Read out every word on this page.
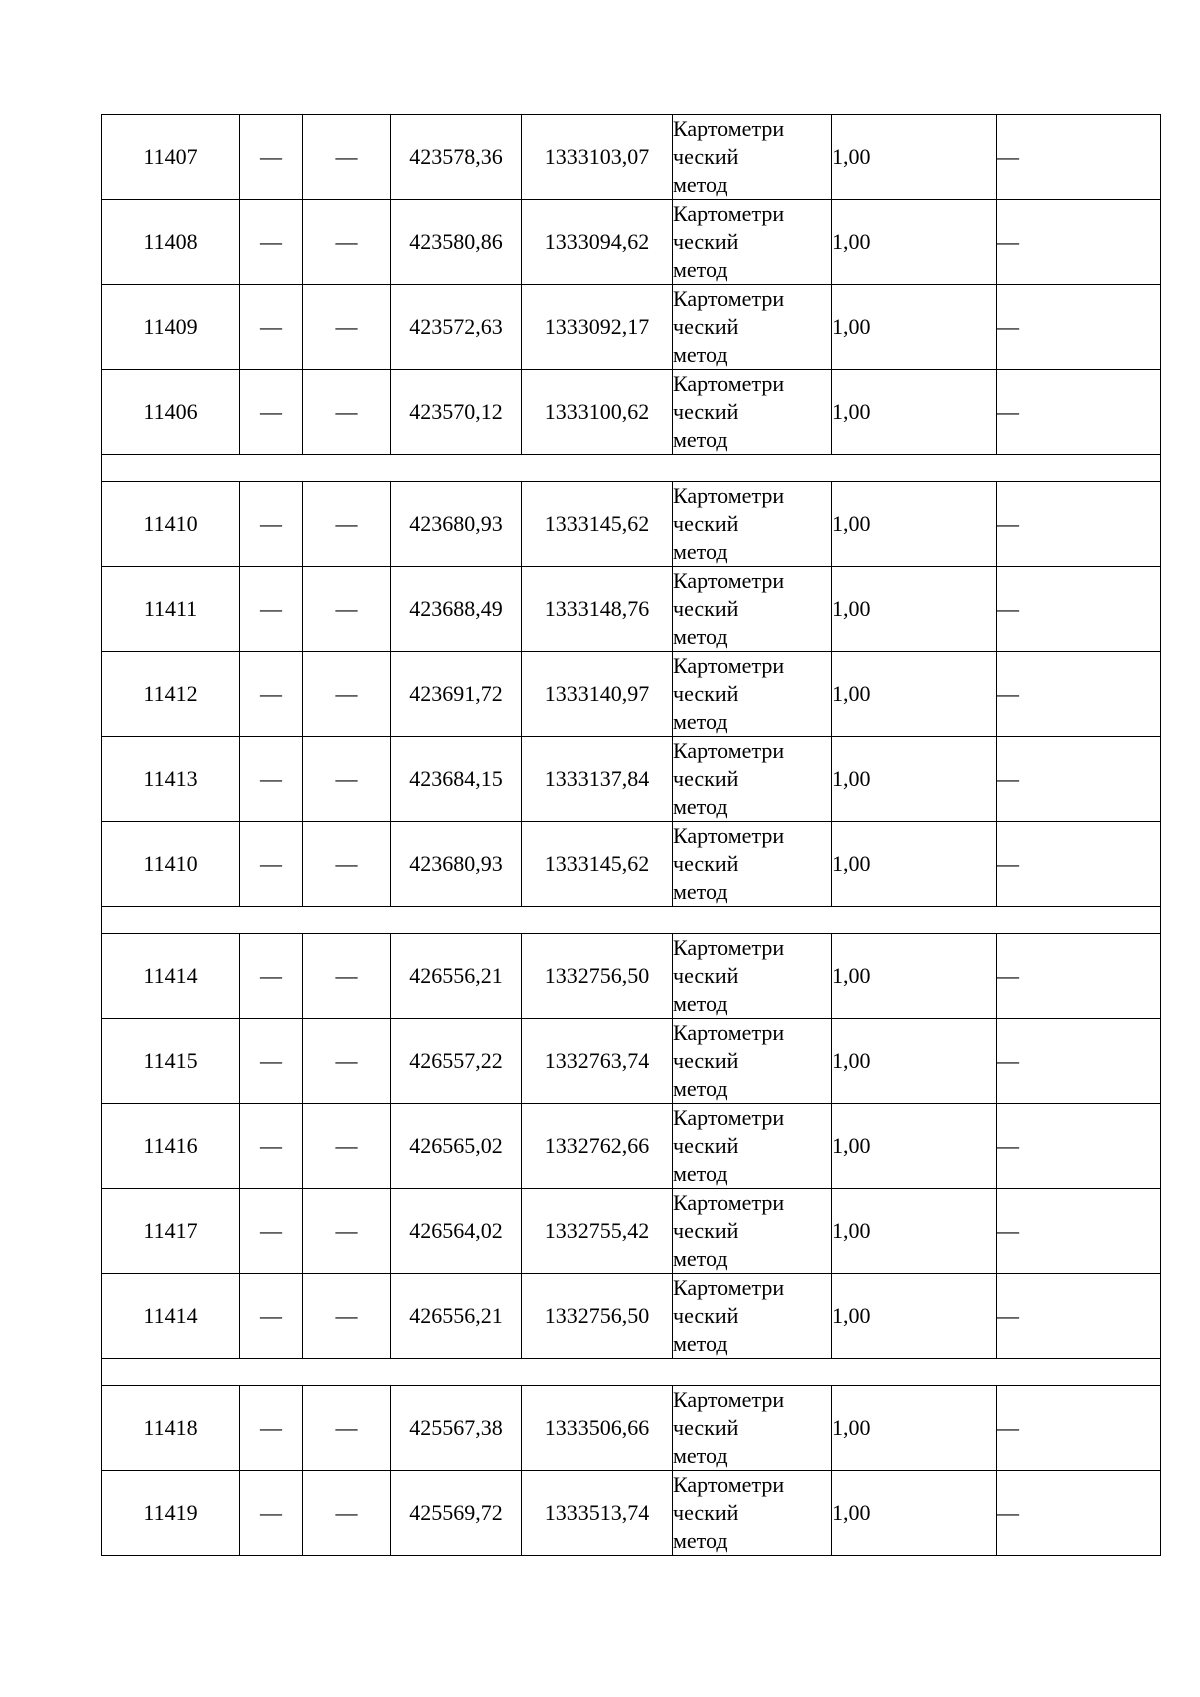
11407	—	—	423578,36	1333103,07	Картометри
ческий
метод	1,00	—
11408	—	—	423580,86	1333094,62	Картометри
ческий
метод	1,00	—
11409	—	—	423572,63	1333092,17	Картометри
ческий
метод	1,00	—
11406	—	—	423570,12	1333100,62	Картометри
ческий
метод	1,00	—

11410	—	—	423680,93	1333145,62	Картометри
ческий
метод	1,00	—
11411	—	—	423688,49	1333148,76	Картометри
ческий
метод	1,00	—
11412	—	—	423691,72	1333140,97	Картометри
ческий
метод	1,00	—
11413	—	—	423684,15	1333137,84	Картометри
ческий
метод	1,00	—
11410	—	—	423680,93	1333145,62	Картометри
ческий
метод	1,00	—

11414	—	—	426556,21	1332756,50	Картометри
ческий
метод	1,00	—
11415	—	—	426557,22	1332763,74	Картометри
ческий
метод	1,00	—
11416	—	—	426565,02	1332762,66	Картометри
ческий
метод	1,00	—
11417	—	—	426564,02	1332755,42	Картометри
ческий
метод	1,00	—
11414	—	—	426556,21	1332756,50	Картометри
ческий
метод	1,00	—

11418	—	—	425567,38	1333506,66	Картометри
ческий
метод	1,00	—
11419	—	—	425569,72	1333513,74	Картометри
ческий
метод	1,00	—
